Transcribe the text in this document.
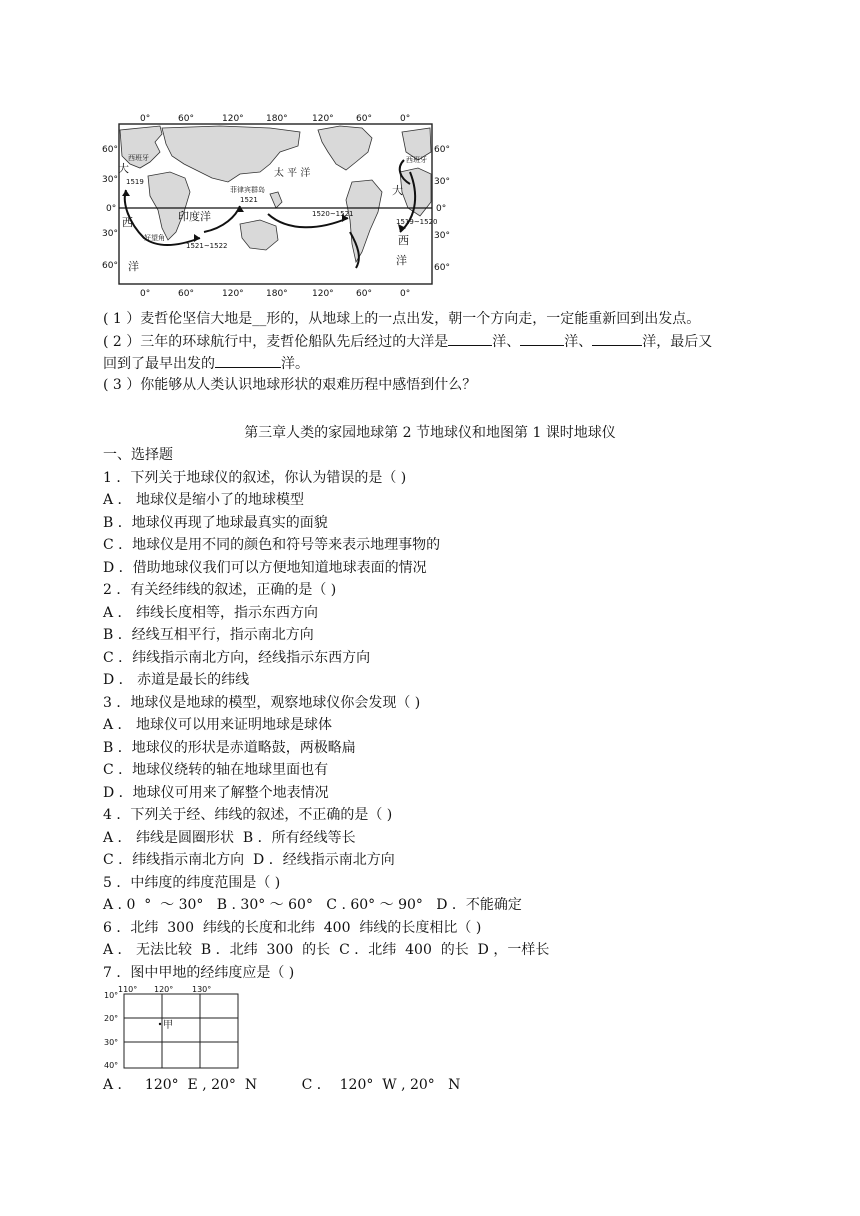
0°	60°	120° 180°	120° 60°	0°
0°	60°	120° 180°	120° 60°	0°
60°
30°
0°
30°
60°
60°
30°
0°
30°
60°
太 平 洋
大
大
西
西
洋	洋
印度洋
菲律宾群岛
好望角
西班牙	西班牙
1521
1521~1522
1520~1521
1519
1519~1520
( 1 ）麦哲伦坚信大地是__形的，从地球上的一点出发，朝一个方向走，一定能重新回到出发点。
( 2 ）三年的环球航行中，麦哲伦船队先后经过的大洋是	洋、	洋、	洋，最后又
回到了最早出发的	洋。
( 3 ）你能够从人类认识地球形状的艰难历程中感悟到什么？
第三章人类的家园地球第 2 节地球仪和地图第 1 课时地球仪
一、选择题
1 ．下列关于地球仪的叙述，你认为错误的是（ )
A ． 地球仪是缩小了的地球模型
B ．地球仪再现了地球最真实的面貌
C ．地球仪是用不同的颜色和符号等来表示地理事物的
D ．借助地球仪我们可以方便地知道地球表面的情况
2 ．有关经纬线的叙述，正确的是（ )
A ． 纬线长度相等，指示东西方向
B ．经线互相平行，指示南北方向
C ．纬线指示南北方向，经线指示东西方向
D ． 赤道是最长的纬线
3 ．地球仪是地球的模型，观察地球仪你会发现（ )
A ． 地球仪可以用来证明地球是球体
B ．地球仪的形状是赤道略鼓，两极略扁
C ．地球仪绕转的轴在地球里面也有
D ．地球仪可用来了解整个地表情况
4 ．下列关于经、纬线的叙述，不正确的是（ )
A ． 纬线是圆圈形状  B ．所有经线等长
C ．纬线指示南北方向  D ．经线指示南北方向
5 ．中纬度的纬度范围是（ )
A . 0  °  ～ 30°   B . 30° ～ 60°   C . 60° ～ 90°   D ．不能确定
6 ．北纬  300  纬线的长度和北纬  400  纬线的长度相比（ )
A ． 无法比较  B ．北纬  300  的长  C ．北纬  400  的长  D ，一样长
7 ．图中甲地的经纬度应是（ )
110° 120° 130°
10°
20°
30°
40°
甲
A ．   120°  E , 20°  N          C ．  120°  W , 20°   N
